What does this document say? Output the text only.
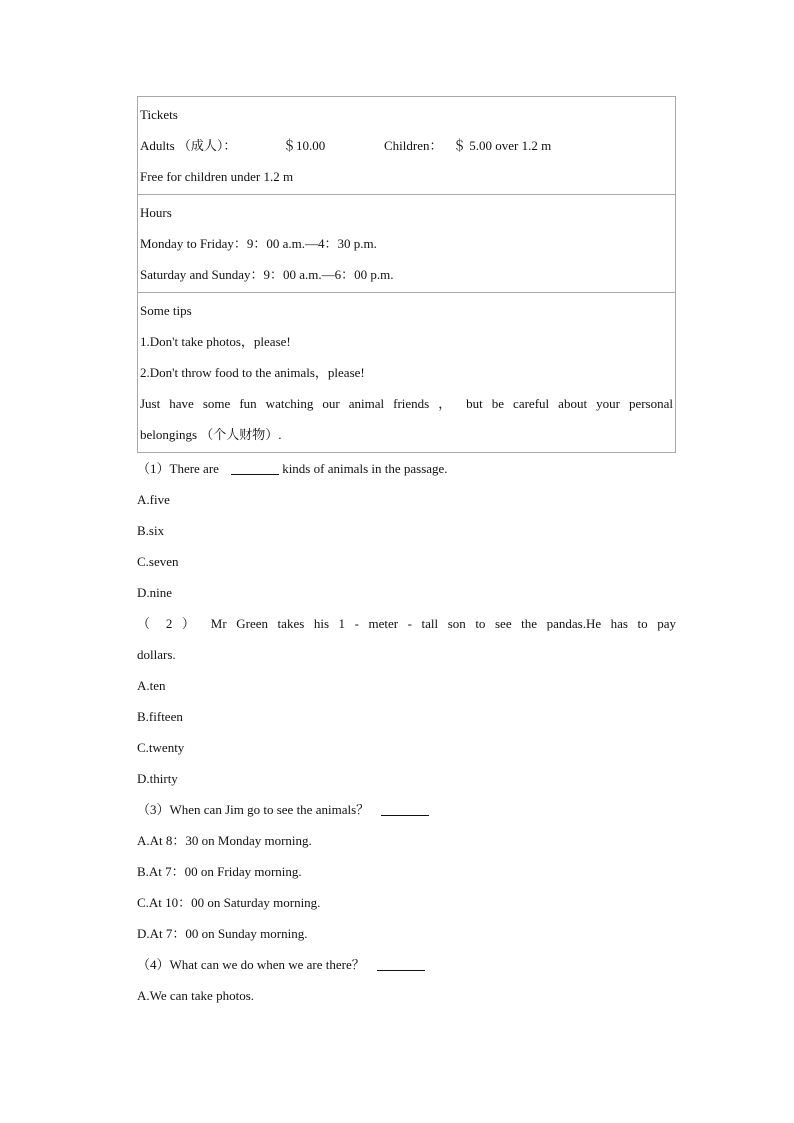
Tickets
Adults （成人）：	＄10.00	Children： ＄ 5.00 over 1.2 m
Free for children under 1.2 m
Hours
Monday to Friday：9：00 a.m.—4：30 p.m.
Saturday and Sunday：9：00 a.m.—6：00 p.m.
Some tips
1.Don't take photos，please!
2.Don't throw food to the animals，please!
Just have some fun watching our animal friends ， but be careful about your personal
belongings （个人财物）.
（1）There are	kinds of animals in the passage.
A.five
B.six
C.seven
D.nine
（ 2 ） Mr Green takes his 1 - meter - tall son to see the pandas.He has to pay
dollars.
A.ten
B.fifteen
C.twenty
D.thirty
（3）When can Jim go to see the animals？
A.At 8：30 on Monday morning.
B.At 7：00 on Friday morning.
C.At 10：00 on Saturday morning.
D.At 7：00 on Sunday morning.
（4）What can we do when we are there？
A.We can take photos.
